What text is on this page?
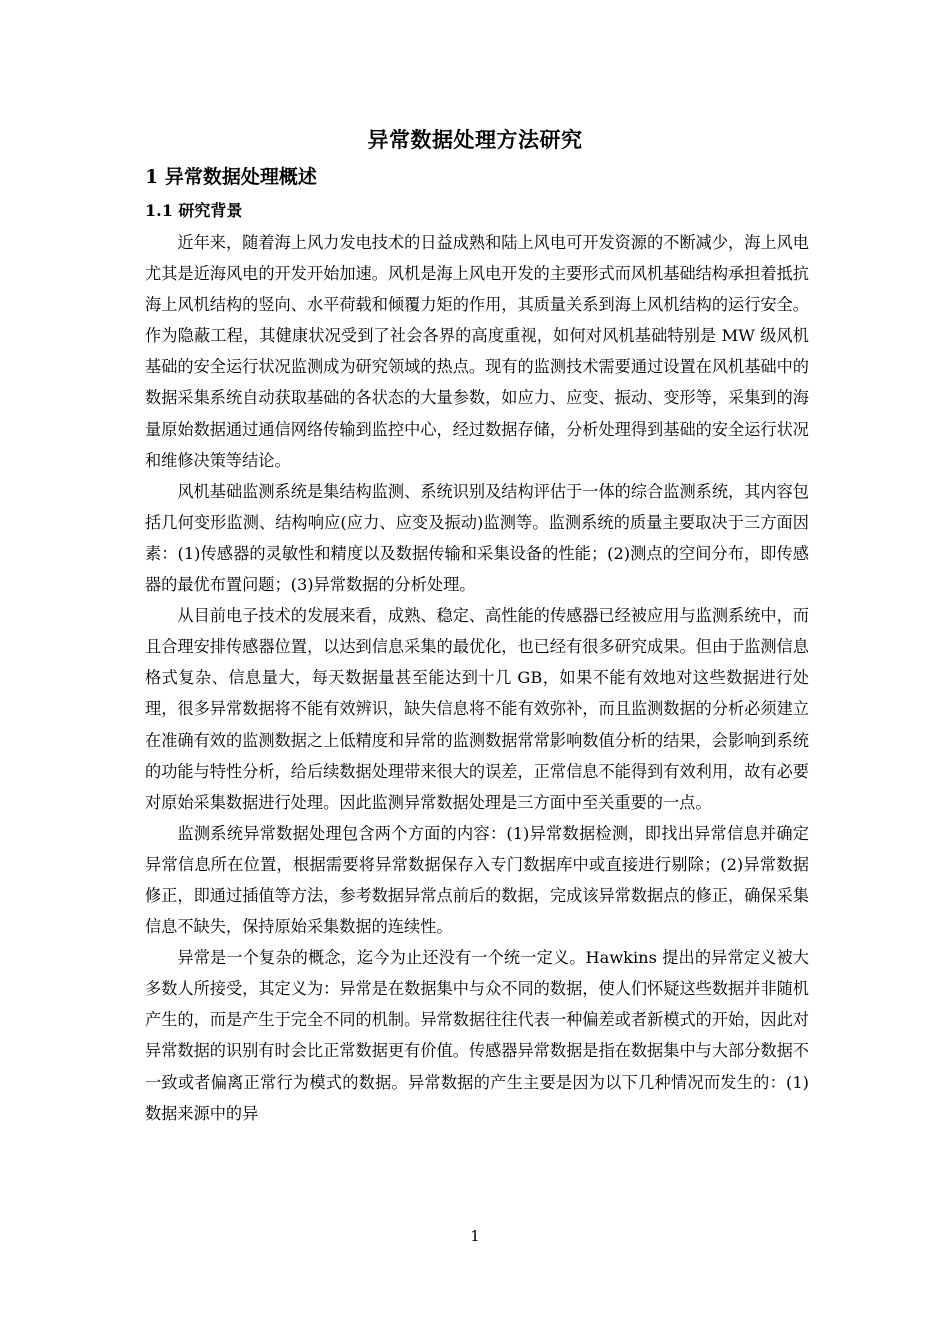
异常数据处理方法研究
1 异常数据处理概述
1.1 研究背景

近年来，随着海上风力发电技术的日益成熟和陆上风电可开发资源的不断减少，海上风电尤其是近海风电的开发开始加速。风机是海上风电开发的主要形式而风机基础结构承担着抵抗海上风机结构的竖向、水平荷载和倾覆力矩的作用，其质量关系到海上风机结构的运行安全。作为隐蔽工程，其健康状况受到了社会各界的高度重视，如何对风机基础特别是 MW 级风机基础的安全运行状况监测成为研究领域的热点。现有的监测技术需要通过设置在风机基础中的数据采集系统自动获取基础的各状态的大量参数，如应力、应变、振动、变形等，采集到的海量原始数据通过通信网络传输到监控中心，经过数据存储，分析处理得到基础的安全运行状况和维修决策等结论。

风机基础监测系统是集结构监测、系统识别及结构评估于一体的综合监测系统，其内容包括几何变形监测、结构响应(应力、应变及振动)监测等。监测系统的质量主要取决于三方面因素：(1)传感器的灵敏性和精度以及数据传输和采集设备的性能；(2)测点的空间分布，即传感器的最优布置问题；(3)异常数据的分析处理。

从目前电子技术的发展来看，成熟、稳定、高性能的传感器已经被应用与监测系统中，而且合理安排传感器位置，以达到信息采集的最优化，也已经有很多研究成果。但由于监测信息格式复杂、信息量大，每天数据量甚至能达到十几 GB，如果不能有效地对这些数据进行处理，很多异常数据将不能有效辨识，缺失信息将不能有效弥补，而且监测数据的分析必须建立在准确有效的监测数据之上低精度和异常的监测数据常常影响数值分析的结果，会影响到系统的功能与特性分析，给后续数据处理带来很大的误差，正常信息不能得到有效利用，故有必要对原始采集数据进行处理。因此监测异常数据处理是三方面中至关重要的一点。

监测系统异常数据处理包含两个方面的内容：(1)异常数据检测，即找出异常信息并确定异常信息所在位置，根据需要将异常数据保存入专门数据库中或直接进行剔除；(2)异常数据修正，即通过插值等方法，参考数据异常点前后的数据，完成该异常数据点的修正，确保采集信息不缺失，保持原始采集数据的连续性。

异常是一个复杂的概念，迄今为止还没有一个统一定义。Hawkins 提出的异常定义被大多数人所接受，其定义为：异常是在数据集中与众不同的数据，使人们怀疑这些数据并非随机产生的，而是产生于完全不同的机制。异常数据往往代表一种偏差或者新模式的开始，因此对异常数据的识别有时会比正常数据更有价值。传感器异常数据是指在数据集中与大部分数据不一致或者偏离正常行为模式的数据。异常数据的产生主要是因为以下几种情况而发生的：(1)数据来源中的异

1
